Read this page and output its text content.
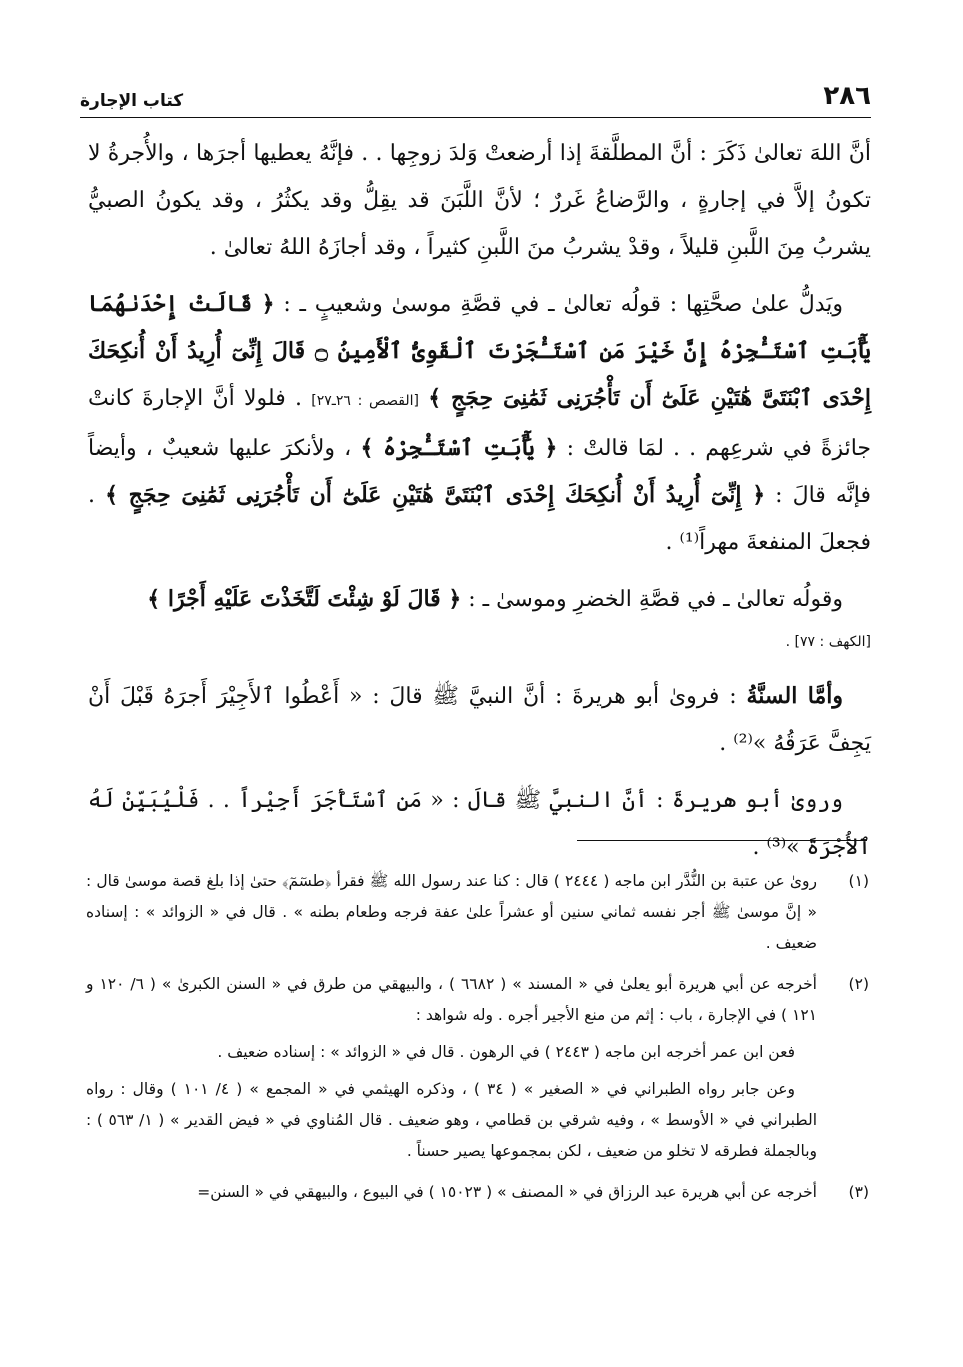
٢٨٦
كتاب الإجارة

أنَّ اللهَ تعالىٰ ذَكَرَ : أنَّ المطلَّقةَ إذا أرضعتْ وَلدَ زوجِها . . فإنَّهُ يعطيها أجرَها ، والأُجرةُ لا تكونُ إلاَّ في إجارةٍ ، والرَّضاعُ غَررٌ ؛ لأنَّ اللَّبَنَ قد يقِلُّ وقد يكثُرُ ، وقد يكونُ الصبيُّ يشربُ مِنَ اللَّبنِ قليلاً ، وقدْ يشربُ منَ اللَّبنِ كثيراً ، وقد أجازَهُ اللهُ تعالىٰ .

ويَدلُّ علىٰ صحَّتِها : قولُه تعالىٰ ـ في قصَّةِ موسىٰ وشعيبٍ ـ : ﴿ قَالَتْ إِحْدَىٰهُمَا يَٰٓأَبَتِ ٱسْتَـْٔجِرْهُ إِنَّ خَيْرَ مَنِ ٱسْتَـْٔجَرْتَ ٱلْقَوِىُّ ٱلْأَمِينُ ۝ قَالَ إِنِّىٓ أُرِيدُ أَنْ أُنكِحَكَ إِحْدَى ٱبْنَتَىَّ هَٰتَيْنِ عَلَىٰٓ أَن تَأْجُرَنِى ثَمَٰنِىَ حِجَجٍ ﴾ [القصص : ٢٦ـ٢٧] . فلولا أنَّ الإجارةَ كانتْ جائزةً في شرعِهم . . لمَا قالتْ : ﴿ يَٰٓأَبَتِ ٱسْتَـْٔجِرْهُ ﴾ ، ولأنكرَ عليها شعيبٌ ، وأيضاً فإنَّه قالَ : ﴿ إِنِّىٓ أُرِيدُ أَنْ أُنكِحَكَ إِحْدَى ٱبْنَتَىَّ هَٰتَيْنِ عَلَىٰٓ أَن تَأْجُرَنِى ثَمَٰنِىَ حِجَجٍ ﴾ . فجعلَ المنفعةَ مهراً⁽¹⁾ .

وقولُه تعالىٰ ـ في قصَّةِ الخضرِ وموسىٰ ـ : ﴿ قَالَ لَوْ شِئْتَ لَتَّخَذْتَ عَلَيْهِ أَجْرًا ﴾

[الكهف : ٧٧] .

وأمَّا السنَّةُ : فروىٰ أبو هريرةَ : أنَّ النبيَّ ﷺ قالَ : « أَعْطُوا ٱلأَجِيْرَ أَجرَهُ قَبْلَ أَنْ يَجِفَّ عَرَقُهُ »⁽²⁾ .

وروىٰ أبو هريرةَ : أنَّ النبيَّ ﷺ قالَ : « مَنِ ٱسْتَأْجَرَ أَجِيْراً . . فَلْيُبَيِّنْ لَهُ ٱلأُجْرَةَ »⁽³⁾ .

(١)

روىٰ عن عتبة بن النُّدَّر ابن ماجه ( ٢٤٤٤ ) قال : كنا عند رسول الله ﷺ فقرأ ﴿طسٓمٓ﴾ حتىٰ إذا بلغ قصة موسىٰ قال : « إنَّ موسىٰ ﷺ أجر نفسه ثماني سنين أو عشراً علىٰ عفة فرجه وطعام بطنه » . قال في « الزوائد » : إسناده ضعيف .

(٢)

أخرجه عن أبي هريرة أبو يعلىٰ في « المسند » ( ٦٦٨٢ ) ، والبيهقي من طرق في « السنن الكبرىٰ » ( ٦/ ١٢٠ و ١٢١ ) في الإجارة ، باب : إثم من منع الأجير أجره . وله شواهد :

فعن ابن عمر أخرجه ابن ماجه ( ٢٤٤٣ ) في الرهون . قال في « الزوائد » : إسناده ضعيف .

وعن جابر رواه الطبراني في « الصغير » ( ٣٤ ) ، وذكره الهيثمي في « المجمع » ( ٤/ ١٠١ ) وقال : رواه الطبراني في « الأوسط » ، وفيه شرقي بن قطامي ، وهو ضعيف . قال المُناوي في « فيض القدير » ( ١/ ٥٦٣ ) : وبالجملة فطرقه لا تخلو من ضعيف ، لكن بمجموعها يصير حسناً .

(٣)

أخرجه عن أبي هريرة عبد الرزاق في « المصنف » ( ١٥٠٢٣ ) في البيوع ، والبيهقي في « السنن=
